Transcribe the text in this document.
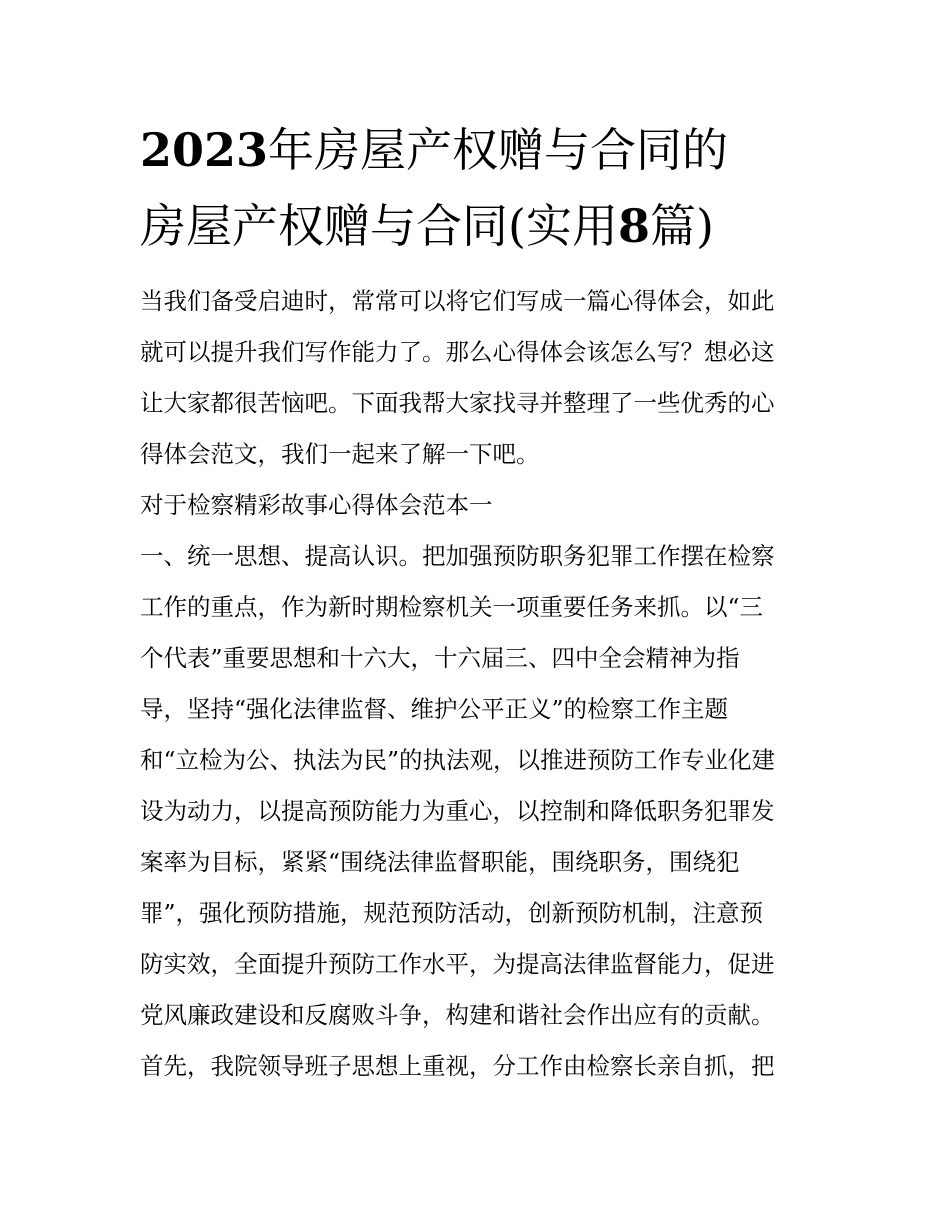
2023年房屋产权赠与合同的
房屋产权赠与合同(实用8篇)
当我们备受启迪时，常常可以将它们写成一篇心得体会，如此
就可以提升我们写作能力了。那么心得体会该怎么写？想必这
让大家都很苦恼吧。下面我帮大家找寻并整理了一些优秀的心
得体会范文，我们一起来了解一下吧。
对于检察精彩故事心得体会范本一
一、统一思想、提高认识。把加强预防职务犯罪工作摆在检察
工作的重点，作为新时期检察机关一项重要任务来抓。以“三
个代表”重要思想和十六大，十六届三、四中全会精神为指
导，坚持“强化法律监督、维护公平正义”的检察工作主题
和“立检为公、执法为民”的执法观，以推进预防工作专业化建
设为动力，以提高预防能力为重心，以控制和降低职务犯罪发
案率为目标，紧紧“围绕法律监督职能，围绕职务，围绕犯
罪”，强化预防措施，规范预防活动，创新预防机制，注意预
防实效，全面提升预防工作水平，为提高法律监督能力，促进
党风廉政建设和反腐败斗争，构建和谐社会作出应有的贡献。
首先，我院领导班子思想上重视，分工作由检察长亲自抓，把
